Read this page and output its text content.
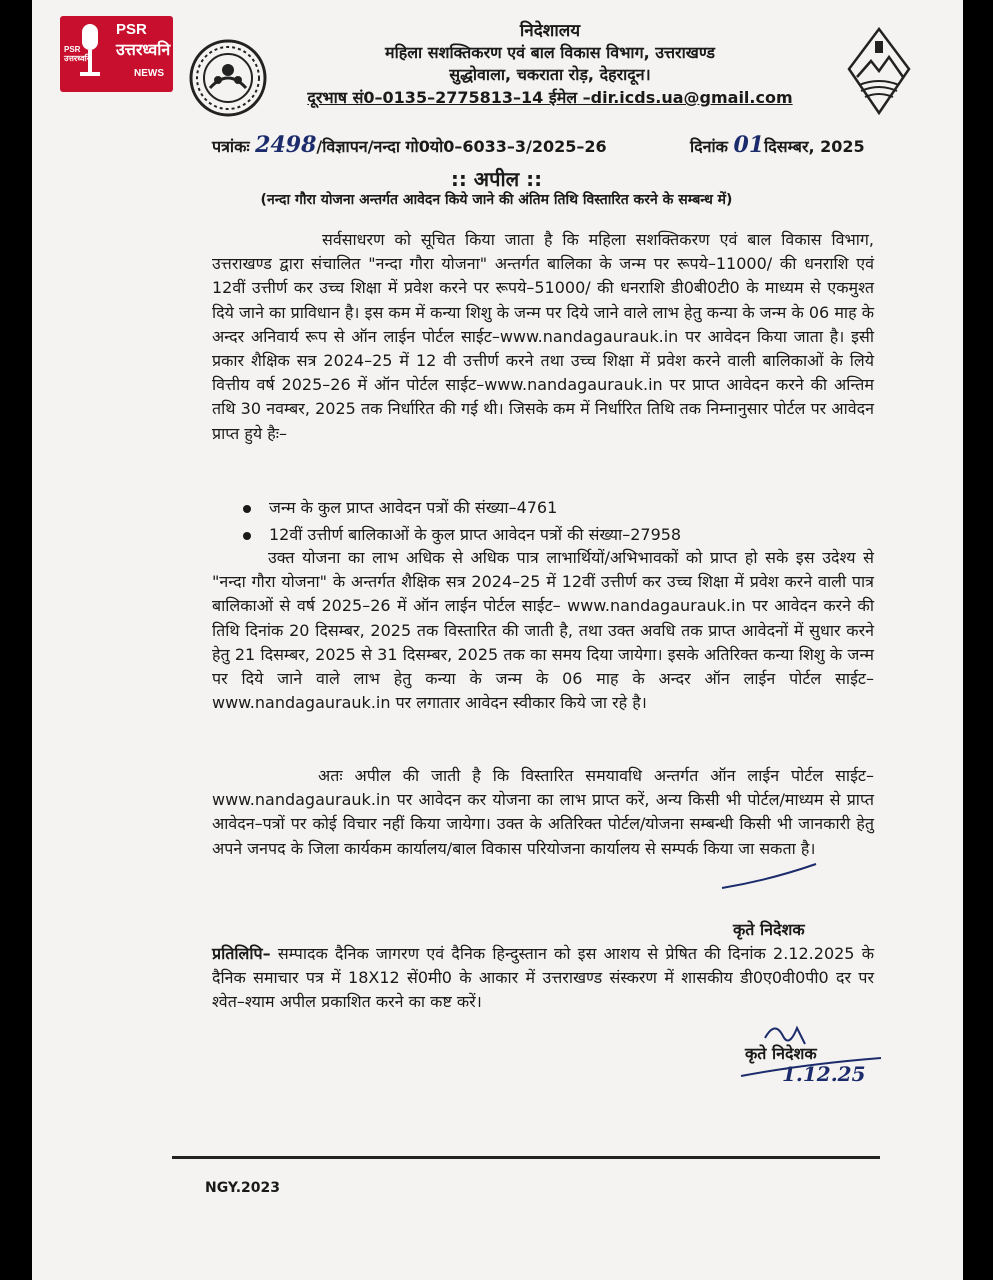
PSR
उत्तरध्वनि
PSR
उत्तरध्वनि
NEWS
निदेशालय
महिला सशक्तिकरण एवं बाल विकास विभाग, उत्तराखण्ड
सुद्धोवाला, चकराता रोड़, देहरादून।
दूरभाष सं0–0135–2775813–14 ईमेल –dir.icds.ua@gmail.com
पत्रांकः 2498/विज्ञापन/नन्दा गो0यो0–6033–3/2025–26	दिनांक 01दिसम्बर, 2025
:: अपील ::
(नन्दा गौरा योजना अन्तर्गत आवेदन किये जाने की अंतिम तिथि विस्तारित करने के सम्बन्ध में)
सर्वसाधरण को सूचित किया जाता है कि महिला सशक्तिकरण एवं बाल विकास विभाग, उत्तराखण्ड द्वारा संचालित "नन्दा गौरा योजना" अन्तर्गत बालिका के जन्म पर रूपये–11000/ की धनराशि एवं 12वीं उत्तीर्ण कर उच्च शिक्षा में प्रवेश करने पर रूपये–51000/ की धनराशि डी0बी0टी0 के माध्यम से एकमुश्त दिये जाने का प्राविधान है। इस कम में कन्या शिशु के जन्म पर दिये जाने वाले लाभ हेतु कन्या के जन्म के 06 माह के अन्दर अनिवार्य रूप से ऑन लाईन पोर्टल साईट–www.nandagaurauk.in पर आवेदन किया जाता है। इसी प्रकार शैक्षिक सत्र 2024–25 में 12 वी उत्तीर्ण करने तथा उच्च शिक्षा में प्रवेश करने वाली बालिकाओं के लिये वित्तीय वर्ष 2025–26 में ऑन पोर्टल साईट–www.nandagaurauk.in पर प्राप्त आवेदन करने की अन्तिम तथि 30 नवम्बर, 2025 तक निर्धारित की गई थी। जिसके कम में निर्धारित तिथि तक निम्नानुसार पोर्टल पर आवेदन प्राप्त हुये हैः–
जन्म के कुल प्राप्त आवेदन पत्रों की संख्या–4761
12वीं उत्तीर्ण बालिकाओं के कुल प्राप्त आवेदन पत्रों की संख्या–27958
उक्त योजना का लाभ अधिक से अधिक पात्र लाभार्थियों/अभिभावकों को प्राप्त हो सके इस उदेश्य से "नन्दा गौरा योजना" के अन्तर्गत शैक्षिक सत्र 2024–25 में 12वीं उत्तीर्ण कर उच्च शिक्षा में प्रवेश करने वाली पात्र बालिकाओं से वर्ष 2025–26 में ऑन लाईन पोर्टल साईट– www.nandagaurauk.in पर आवेदन करने की तिथि दिनांक 20 दिसम्बर, 2025 तक विस्तारित की जाती है, तथा उक्त अवधि तक प्राप्त आवेदनों में सुधार करने हेतु 21 दिसम्बर, 2025 से 31 दिसम्बर, 2025 तक का समय दिया जायेगा। इसके अतिरिक्त कन्या शिशु के जन्म पर दिये जाने वाले लाभ हेतु कन्या के जन्म के 06 माह के अन्दर ऑन लाईन पोर्टल साईट–www.nandagaurauk.in पर लगातार आवेदन स्वीकार किये जा रहे है।
अतः अपील की जाती है कि विस्तारित समयावधि अन्तर्गत ऑन लाईन पोर्टल साईट–www.nandagaurauk.in पर आवेदन कर योजना का लाभ प्राप्त करें, अन्य किसी भी पोर्टल/माध्यम से प्राप्त आवेदन–पत्रों पर कोई विचार नहीं किया जायेगा। उक्त के अतिरिक्त पोर्टल/योजना सम्बन्धी किसी भी जानकारी हेतु अपने जनपद के जिला कार्यकम कार्यालय/बाल विकास परियोजना कार्यालय से सम्पर्क किया जा सकता है।
कृते निदेशक
प्रतिलिपि– सम्पादक दैनिक जागरण एवं दैनिक हिन्दुस्तान को इस आशय से प्रेषित की दिनांक 2.12.2025 के दैनिक समाचार पत्र में 18X12 सें0मी0 के आकार में उत्तराखण्ड संस्करण में शासकीय डी0ए0वी0पी0 दर पर श्वेत–श्याम अपील प्रकाशित करने का कष्ट करें।
कृते निदेशक
1.12.25
NGY.2023
